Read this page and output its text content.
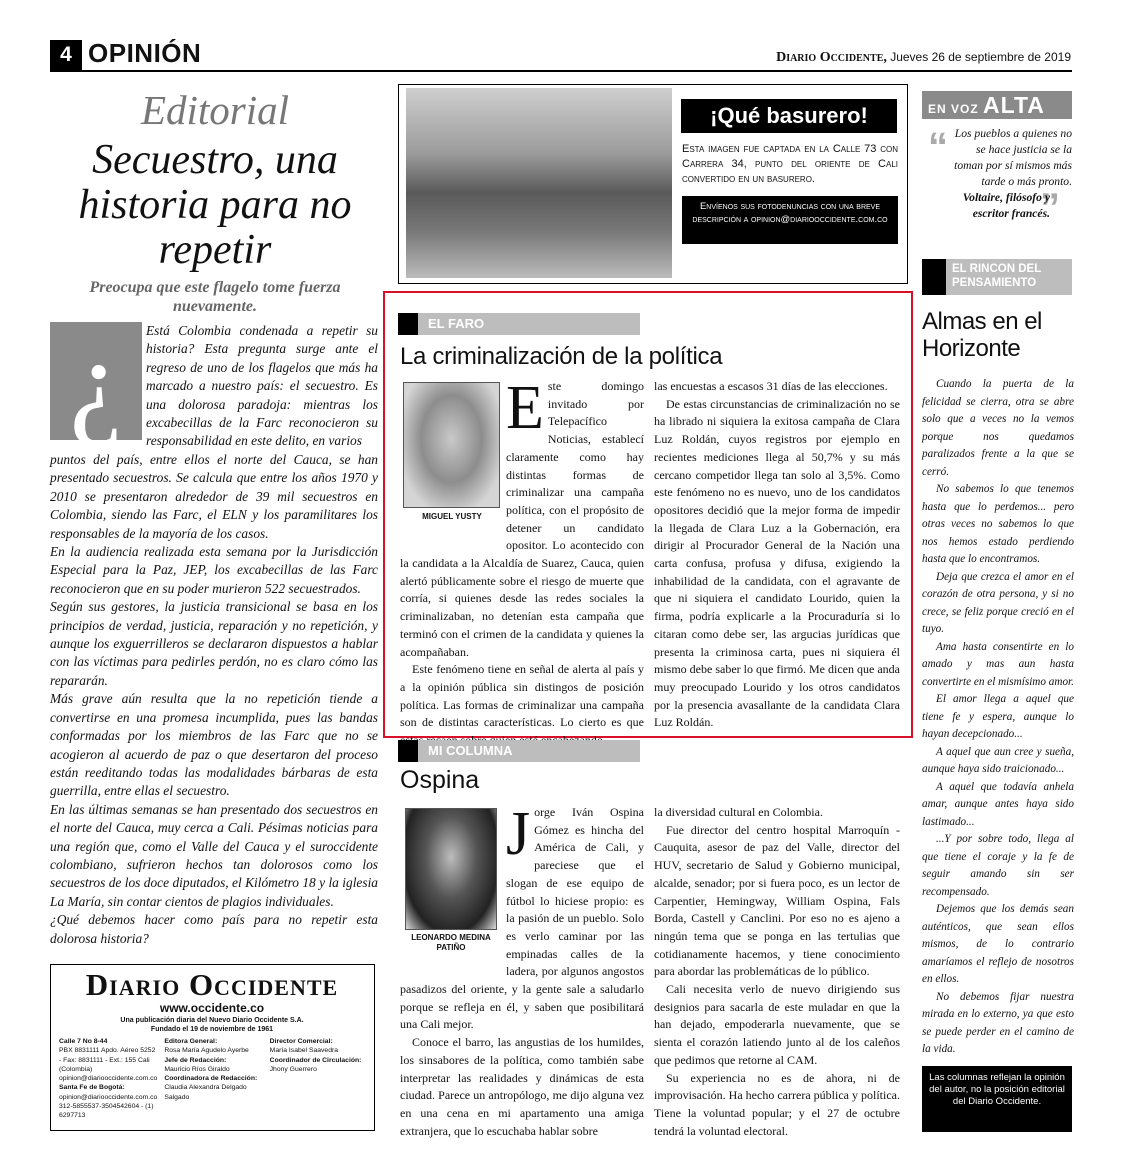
4 OPINIÓN	Diario Occidente, Jueves 26 de septiembre de 2019
Editorial
Secuestro, una historia para no repetir
Preocupa que este flagelo tome fuerza nuevamente.
¿	Está Colombia condenada a repetir su historia? Esta pregunta surge ante el regreso de uno de los flagelos que más ha marcado a nuestro país: el secuestro. Es una dolorosa paradoja: mientras los excabecillas de la Farc reconocieron su responsabilidad en este delito, en varios

puntos del país, entre ellos el norte del Cauca, se han presentado secuestros. Se calcula que entre los años 1970 y 2010 se presentaron alrededor de 39 mil secuestros en Colombia, siendo las Farc, el ELN y los paramilitares los responsables de la mayoría de los casos.

En la audiencia realizada esta semana por la Jurisdicción Especial para la Paz, JEP, los excabecillas de las Farc reconocieron que en su poder murieron 522 secuestrados.

Según sus gestores, la justicia transicional se basa en los principios de verdad, justicia, reparación y no repetición, y aunque los exguerrilleros se declararon dispuestos a hablar con las víctimas para pedirles perdón, no es claro cómo las repararán.

Más grave aún resulta que la no repetición tiende a convertirse en una promesa incumplida, pues las bandas conformadas por los miembros de las Farc que no se acogieron al acuerdo de paz o que desertaron del proceso están reeditando todas las modalidades bárbaras de esta guerrilla, entre ellas el secuestro.

En las últimas semanas se han presentado dos secuestros en el norte del Cauca, muy cerca a Cali. Pésimas noticias para una región que, como el Valle del Cauca y el suroccidente colombiano, sufrieron hechos tan dolorosos como los secuestros de los doce diputados, el Kilómetro 18 y la iglesia La María, sin contar cientos de plagios individuales.

¿Qué debemos hacer como país para no repetir esta dolorosa historia?

Diario Occidente
www.occidente.co
Una publicación diaria del Nuevo Diario Occidente S.A.
Fundado el 19 de noviembre de 1961
Calle 7 No 8-44
PBX 8831111 Apdo. Aéreo 5252 - Fax: 8831111 - Ext.: 155 Cali (Colombia) opinion@diariooccidente.com.co
Santa Fe de Bogotá:
opinion@diariooccidente.com.co 312-5855537-3504542604 - (1) 6297713
Editora General:
Rosa María Agudelo Ayerbe
Jefe de Redacción:
Mauricio Ríos Giraldo
Coordinadora de Redacción:
Claudia Alexandra Delgado Salgado
Director Comercial:
María Isabel Saavedra
Coordinador de Circulación:
Jhony Guerrero
¡Qué basurero!
Esta imagen fue captada en la Calle 73 con Carrera 34, punto del oriente de Cali convertido en un basurero.
Envíenos sus fotodenuncias con una breve descripción a opinion@diariooccidente.com.co
EL FARO
La criminalización de la política
Este domingo invitado por Telepacífico Noticias, establecí claramente como hay distintas formas de criminalizar una campaña política, con el propósito de detener un candidato opositor. Lo acontecido con la candidata a la Alcaldía de Suarez, Cauca, quien alertó públicamente sobre el riesgo de muerte que corría, si quienes desde las redes sociales la criminalizaban, no detenían esta campaña que terminó con el crimen de la candidata y quienes la acompañaban.

Este fenómeno tiene en señal de alerta al país y a la opinión pública sin distingos de posición política. Las formas de criminalizar una campaña son de distintas características. Lo cierto es que

MIGUEL YUSTY

las encuestas a escasos 31 días de las elecciones.

De estas circunstancias de criminalización no se ha librado ni siquiera la exitosa campaña de Clara Luz Roldán, cuyos registros por ejemplo en recientes mediciones llega al 50,7% y su más cercano competidor llega tan solo al 3,5%. Como este fenómeno no es nuevo, uno de los candidatos opositores decidió que la mejor forma de impedir la llegada de Clara Luz a la Gobernación, era dirigir al Procurador General de la Nación una carta confusa, profusa y difusa, exigiendo la inhabilidad de la candidata, con el agravante de que ni siquiera el candidato Lourido, quien la firma, podría explicarle a la Procuraduría si lo citaran como debe ser, las argucias jurídicas que presenta la criminosa carta, pues ni siquiera él mismo debe saber lo que firmó. Me dicen que anda muy preocupado Lourido y los otros candidatos por la presencia avasallante de la candidata Clara Luz Roldán.

MI COLUMNA
Ospina
Jorge Iván Ospina Gómez es hincha del América de Cali, y pareciese que el slogan de ese equipo de fútbol lo hiciese propio: es la pasión de un pueblo. Solo es verlo caminar por las empinadas calles de la ladera, por algunos angostos pasadizos del oriente, y la gente sale a saludarlo porque se refleja en él, y saben que posibilitará una Cali mejor.

Conoce el barro, las angustias de los humildes, los sinsabores de la política, como también sabe interpretar las realidades y dinámicas de esta ciudad. Parece un antropólogo, me dijo alguna vez en una cena en mi apartamento una amiga extranjera, que lo escuchaba hablar sobre

LEONARDO MEDINA PATIÑO

la diversidad cultural en Colombia.

Fue director del centro hospital Marroquín - Cauquita, asesor de paz del Valle, director del HUV, secretario de Salud y Gobierno municipal, alcalde, senador; por si fuera poco, es un lector de Carpentier, Hemingway, William Ospina, Fals Borda, Castell y Canclini. Por eso no es ajeno a ningún tema que se ponga en las tertulias que cotidianamente hacemos, y tiene conocimiento para abordar las problemáticas de lo público.

Cali necesita verlo de nuevo dirigiendo sus designios para sacarla de este muladar en que la han dejado, empoderarla nuevamente, que se sienta el corazón latiendo junto al de los caleños que pedimos que retorne al CAM.

Su experiencia no es de ahora, ni de improvisación. Ha hecho carrera pública y política. Tiene la voluntad popular; y el 27 de octubre tendrá la voluntad electoral.

EN VOZ ALTA
“
”
Los pueblos a quienes no se hace justicia se la toman por sí mismos más tarde o más pronto.
Voltaire, filósofo y escritor francés.
EL RINCON DEL PENSAMIENTO
Almas en el Horizonte

Cuando la puerta de la felicidad se cierra, otra se abre solo que a veces no la vemos porque nos quedamos paralizados frente a la que se cerró.

No sabemos lo que tenemos hasta que lo perdemos... pero otras veces no sabemos lo que nos hemos estado perdiendo hasta que lo encontramos.

Deja que crezca el amor en el corazón de otra persona, y si no crece, se feliz porque creció en el tuyo.

Ama hasta consentirte en lo amado y mas aun hasta convertirte en el mismísimo amor.

El amor llega a aquel que tiene fe y espera, aunque lo hayan decepcionado...

A aquel que aun cree y sueña, aunque haya sido traicionado...

A aquel que todavía anhela amar, aunque antes haya sido lastimado...

...Y por sobre todo, llega al que tiene el coraje y la fe de seguir amando sin ser recompensado.

Dejemos que los demás sean auténticos, que sean ellos mismos, de lo contrario amaríamos el reflejo de nosotros en ellos.

No debemos fijar nuestra mirada en lo externo, ya que esto se puede perder en el camino de la vida.

Las columnas reflejan la opinión del autor, no la posición editorial del Diario Occidente.
